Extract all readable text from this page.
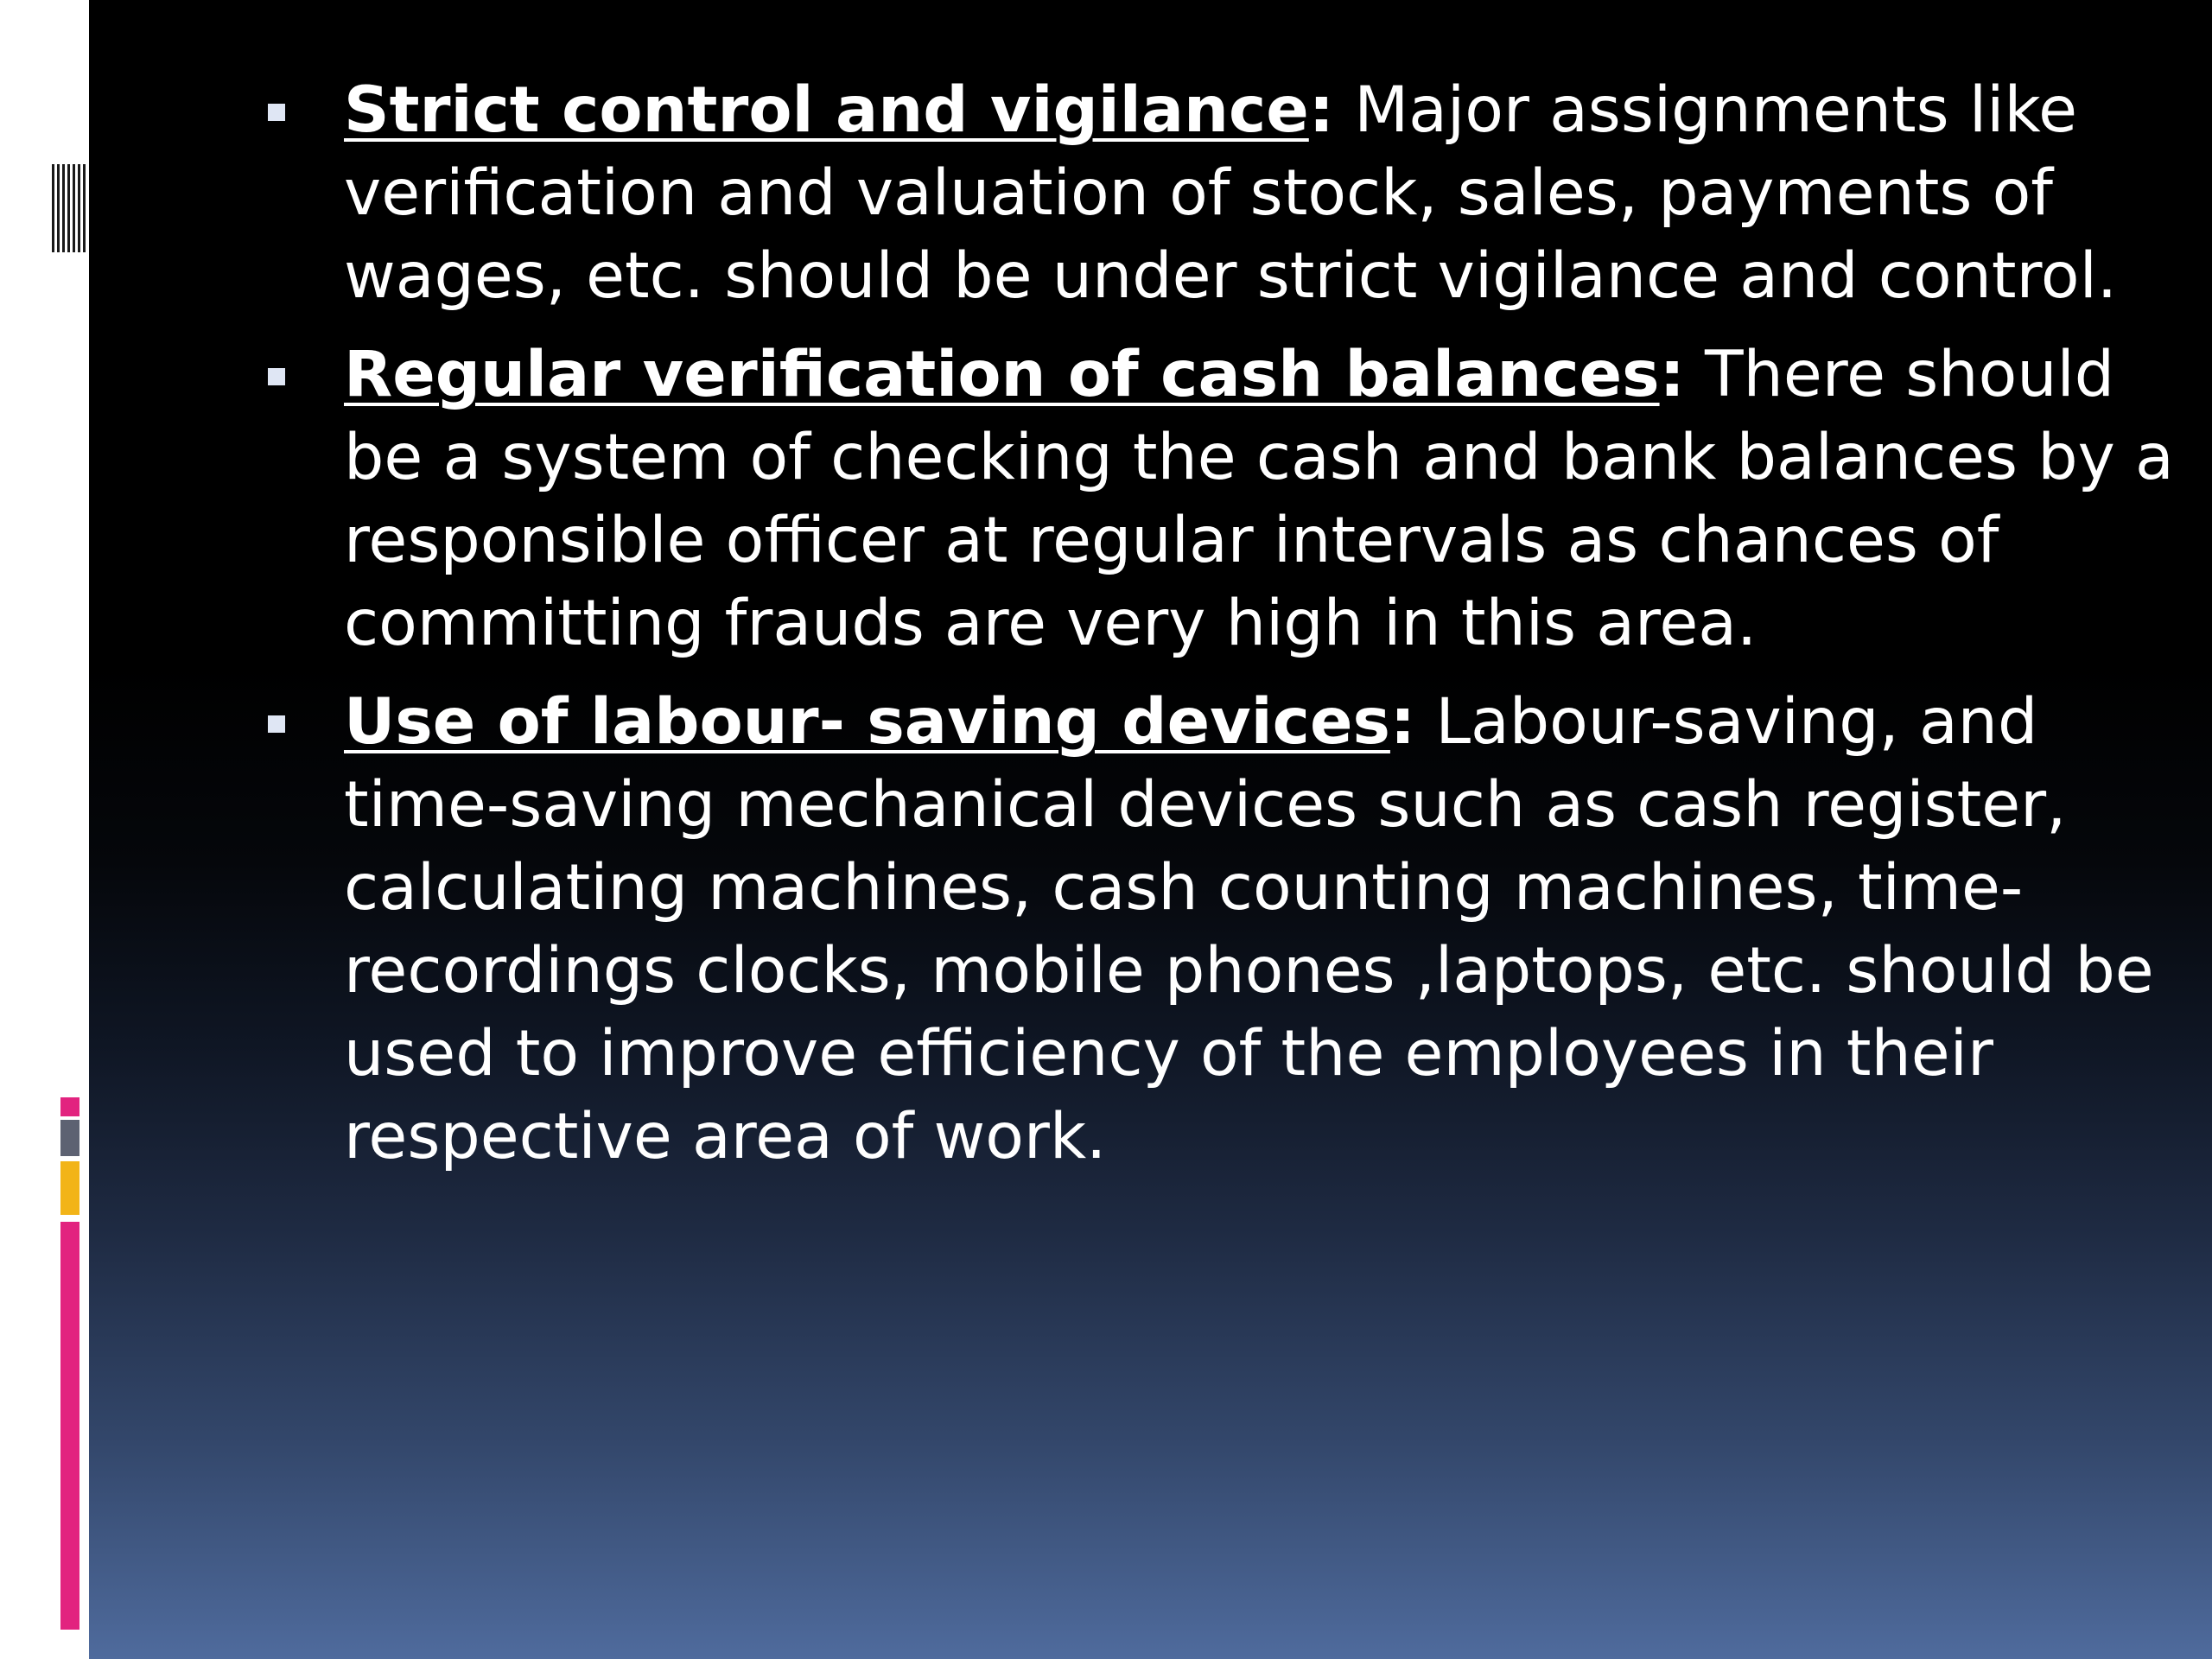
Strict control and vigilance: Major assignments like verification and valuation of stock, sales, payments of wages, etc. should be under strict vigilance and control.
Regular verification of cash balances: There should be a system of checking the cash and bank balances by a responsible officer at regular intervals as chances of committing frauds are very high in this area.
Use of labour- saving devices: Labour-saving, and time-saving mechanical devices such as cash register, calculating machines, cash counting machines, time-recordings clocks, mobile phones ,laptops, etc. should be used to improve efficiency of the employees in their respective area of work.
